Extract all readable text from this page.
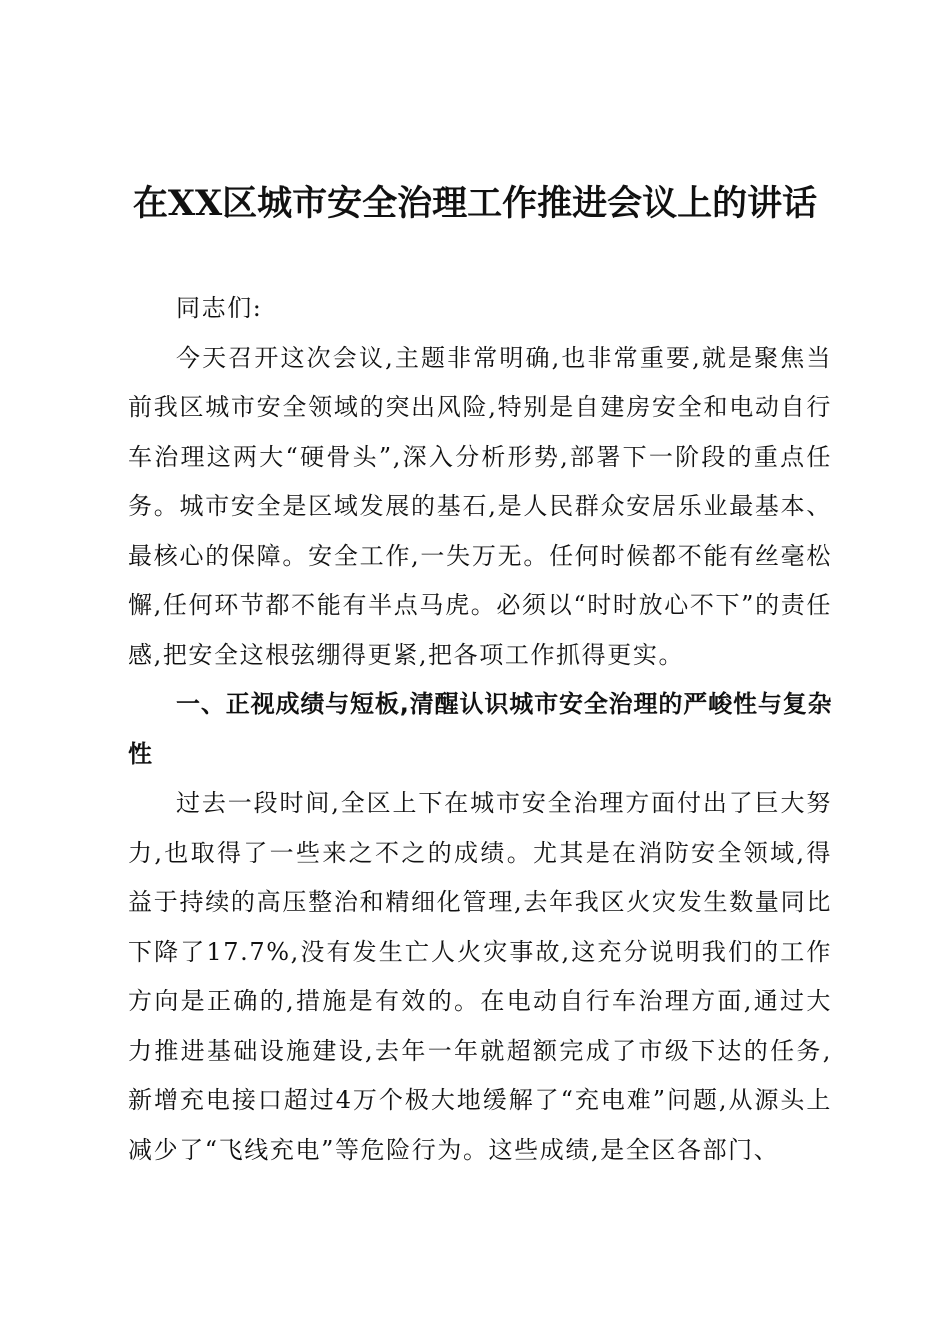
在XX区城市安全治理工作推进会议上的讲话

同志们:

今天召开这次会议,主题非常明确,也非常重要,就是聚焦当前我区城市安全领域的突出风险,特别是自建房安全和电动自行车治理这两大“硬骨头”,深入分析形势,部署下一阶段的重点任务。城市安全是区域发展的基石,是人民群众安居乐业最基本、最核心的保障。安全工作,一失万无。任何时候都不能有丝毫松懈,任何环节都不能有半点马虎。必须以“时时放心不下”的责任感,把安全这根弦绷得更紧,把各项工作抓得更实。

一、正视成绩与短板,清醒认识城市安全治理的严峻性与复杂性

过去一段时间,全区上下在城市安全治理方面付出了巨大努力,也取得了一些来之不之的成绩。尤其是在消防安全领域,得益于持续的高压整治和精细化管理,去年我区火灾发生数量同比下降了17.7%,没有发生亡人火灾事故,这充分说明我们的工作方向是正确的,措施是有效的。在电动自行车治理方面,通过大力推进基础设施建设,去年一年就超额完成了市级下达的任务,新增充电接口超过4万个极大地缓解了“充电难”问题,从源头上减少了“飞线充电”等危险行为。这些成绩,是全区各部门、
